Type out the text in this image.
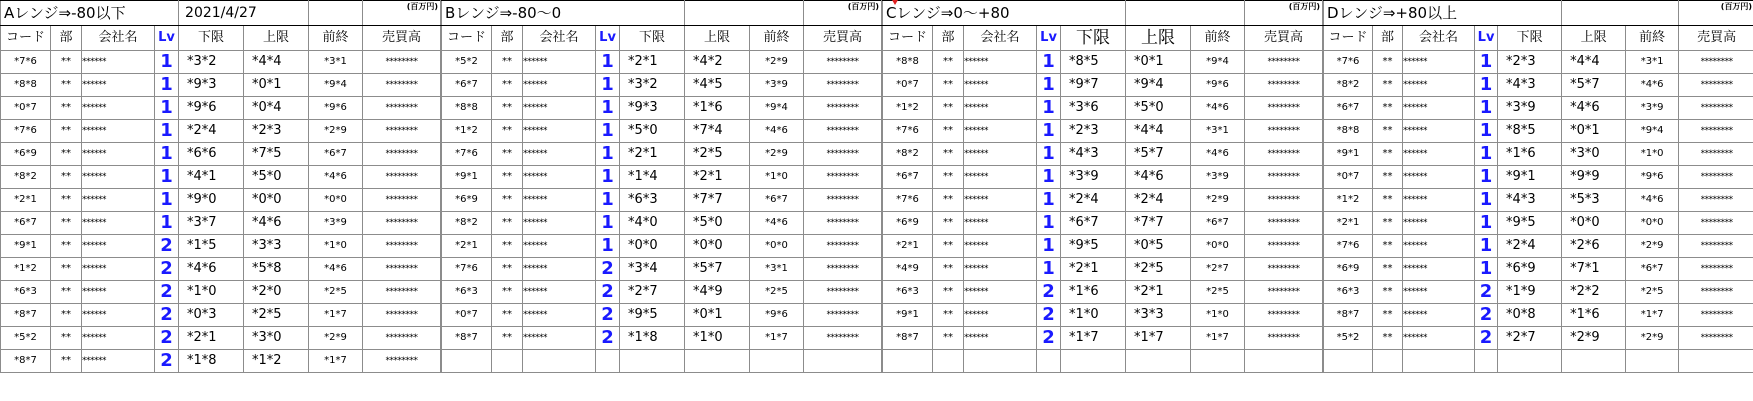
Aレンジ⇒-80以下				2021/4/27			(百万円)
コード	部	会社名	Lv	下限	上限	前終	売買高
*7*6	**	******	1	*3*2	*4*4	*3*1	********
*8*8	**	******	1	*9*3	*0*1	*9*4	********
*0*7	**	******	1	*9*6	*0*4	*9*6	********
*7*6	**	******	1	*2*4	*2*3	*2*9	********
*6*9	**	******	1	*6*6	*7*5	*6*7	********
*8*2	**	******	1	*4*1	*5*0	*4*6	********
*2*1	**	******	1	*9*0	*0*0	*0*0	********
*6*7	**	******	1	*3*7	*4*6	*3*9	********
*9*1	**	******	2	*1*5	*3*3	*1*0	********
*1*2	**	******	2	*4*6	*5*8	*4*6	********
*6*3	**	******	2	*1*0	*2*0	*2*5	********
*8*7	**	******	2	*0*3	*2*5	*1*7	********
*5*2	**	******	2	*2*1	*3*0	*2*9	********
*8*7	**	******	2	*1*8	*1*2	*1*7	********
Bレンジ⇒-80～0							(百万円)
コード	部	会社名	Lv	下限	上限	前終	売買高
*5*2	**	******	1	*2*1	*4*2	*2*9	********
*6*7	**	******	1	*3*2	*4*5	*3*9	********
*8*8	**	******	1	*9*3	*1*6	*9*4	********
*1*2	**	******	1	*5*0	*7*4	*4*6	********
*7*6	**	******	1	*2*1	*2*5	*2*9	********
*9*1	**	******	1	*1*4	*2*1	*1*0	********
*6*9	**	******	1	*6*3	*7*7	*6*7	********
*8*2	**	******	1	*4*0	*5*0	*4*6	********
*2*1	**	******	1	*0*0	*0*0	*0*0	********
*7*6	**	******	2	*3*4	*5*7	*3*1	********
*6*3	**	******	2	*2*7	*4*9	*2*5	********
*0*7	**	******	2	*9*5	*0*1	*9*6	********
*8*7	**	******	2	*1*8	*1*0	*1*7	********

Cレンジ⇒0～+80							(百万円)
コード	部	会社名	Lv	下限	上限	前終	売買高
*8*8	**	******	1	*8*5	*0*1	*9*4	********
*0*7	**	******	1	*9*7	*9*4	*9*6	********
*1*2	**	******	1	*3*6	*5*0	*4*6	********
*7*6	**	******	1	*2*3	*4*4	*3*1	********
*8*2	**	******	1	*4*3	*5*7	*4*6	********
*6*7	**	******	1	*3*9	*4*6	*3*9	********
*7*6	**	******	1	*2*4	*2*4	*2*9	********
*6*9	**	******	1	*6*7	*7*7	*6*7	********
*2*1	**	******	1	*9*5	*0*5	*0*0	********
*4*9	**	******	1	*2*1	*2*5	*2*7	********
*6*3	**	******	2	*1*6	*2*1	*2*5	********
*9*1	**	******	2	*1*0	*3*3	*1*0	********
*8*7	**	******	2	*1*7	*1*7	*1*7	********

Dレンジ⇒+80以上							(百万円)
コード	部	会社名	Lv	下限	上限	前終	売買高
*7*6	**	******	1	*2*3	*4*4	*3*1	********
*8*2	**	******	1	*4*3	*5*7	*4*6	********
*6*7	**	******	1	*3*9	*4*6	*3*9	********
*8*8	**	******	1	*8*5	*0*1	*9*4	********
*9*1	**	******	1	*1*6	*3*0	*1*0	********
*0*7	**	******	1	*9*1	*9*9	*9*6	********
*1*2	**	******	1	*4*3	*5*3	*4*6	********
*2*1	**	******	1	*9*5	*0*0	*0*0	********
*7*6	**	******	1	*2*4	*2*6	*2*9	********
*6*9	**	******	1	*6*9	*7*1	*6*7	********
*6*3	**	******	2	*1*9	*2*2	*2*5	********
*8*7	**	******	2	*0*8	*1*6	*1*7	********
*5*2	**	******	2	*2*7	*2*9	*2*9	********
